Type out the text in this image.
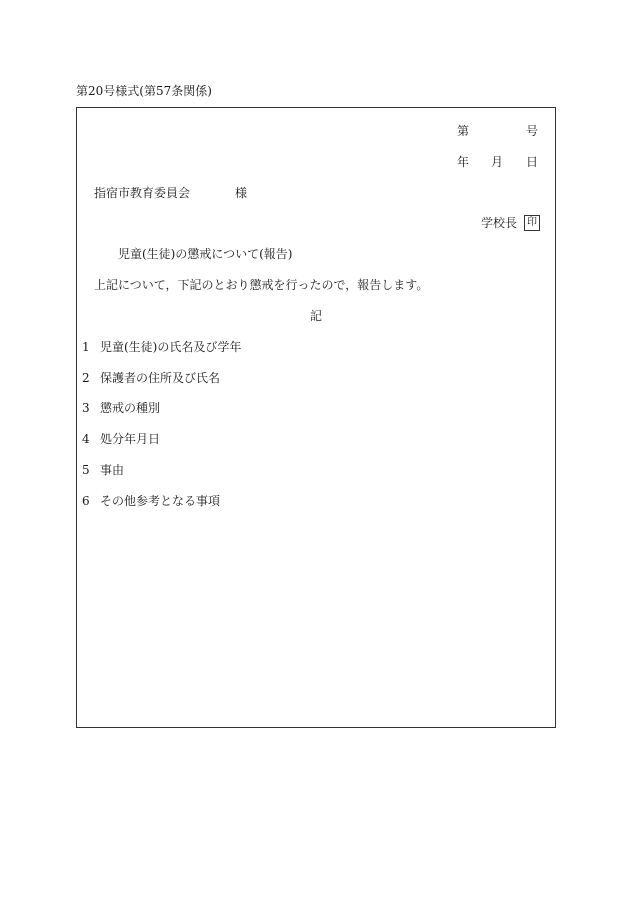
第20号様式(第57条関係)
第	号
年 月 日
指宿市教育委員会	様
学校長 印
児童(生徒)の懲戒について(報告)
上記について，下記のとおり懲戒を行ったので，報告します。
記
1 児童(生徒)の氏名及び学年
2 保護者の住所及び氏名
3 懲戒の種別
4 処分年月日
5 事由
6 その他参考となる事項
